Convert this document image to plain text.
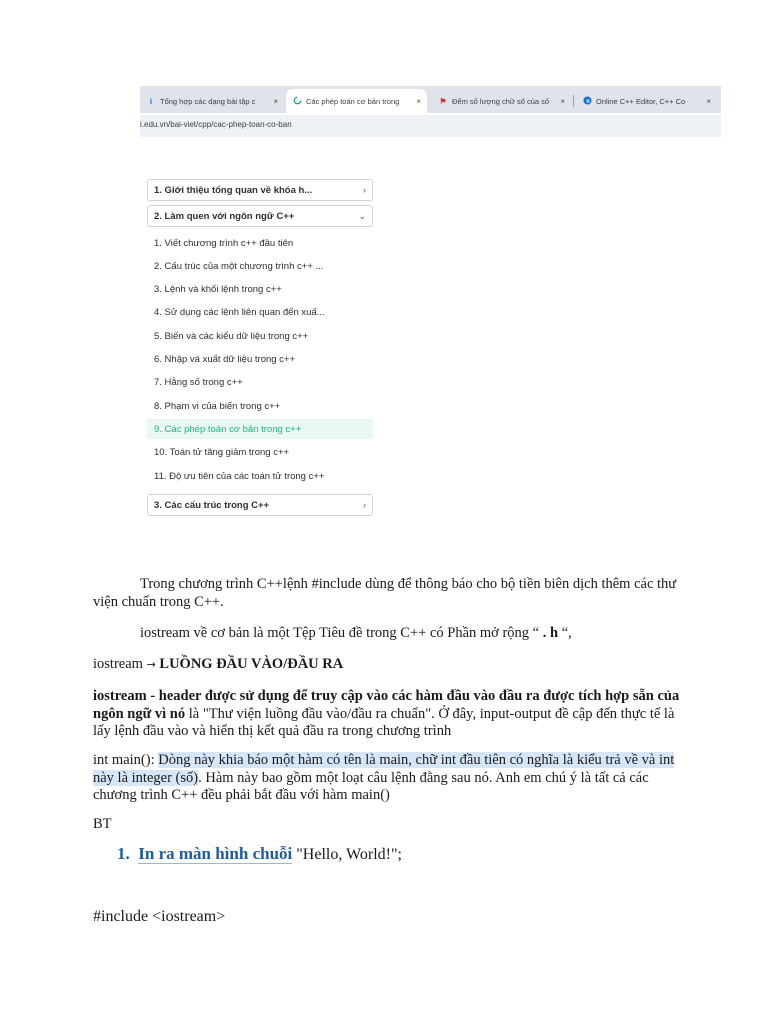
i	Tổng hợp các dạng bài tập c	×	Các phép toán cơ bản trong	× ⚑ Đếm số lượng chữ số của số	×	Online C++ Editor, C++ Co	×
i.edu.vn/bai-viet/cpp/cac-phep-toan-co-ban
1. Giới thiệu tổng quan về khóa h...	›
2. Làm quen với ngôn ngữ C++	⌄
1. Viết chương trình c++ đầu tiên
2. Cấu trúc của một chương trình c++ ...
3. Lệnh và khối lệnh trong c++
4. Sử dụng các lệnh liên quan đến xuấ...
5. Biến và các kiểu dữ liệu trong c++
6. Nhập và xuất dữ liệu trong c++
7. Hằng số trong c++
8. Phạm vi của biến trong c++
9. Các phép toán cơ bản trong c++
10. Toán tử tăng giảm trong c++
11. Độ ưu tiên của các toán tử trong c++
3. Các cấu trúc trong C++	›
Trong chương trình C++lệnh #include dùng để thông báo cho bộ tiền biên dịch thêm các thư viện chuẩn trong C++.
iostream về cơ bản là một Tệp Tiêu đề trong C++ có Phần mở rộng “ . h “,
iostream → LUỒNG ĐẦU VÀO/ĐẦU RA
iostream - header được sử dụng để truy cập vào các hàm đầu vào đầu ra được tích hợp sẵn của ngôn ngữ vì nó là "Thư viện luồng đầu vào/đầu ra chuẩn". Ở đây, input-output đề cập đến thực tế là lấy lệnh đầu vào và hiển thị kết quả đầu ra trong chương trình
int main(): Dòng này khia báo một hàm có tên là main, chữ int đầu tiên có nghĩa là kiểu trả về và int này là integer (số). Hàm này bao gồm một loạt câu lệnh đằng sau nó. Anh em chú ý là tất cả các chương trình C++ đều phải bắt đầu với hàm main()
BT
1. In ra màn hình chuỗi "Hello, World!";
#include <iostream>
